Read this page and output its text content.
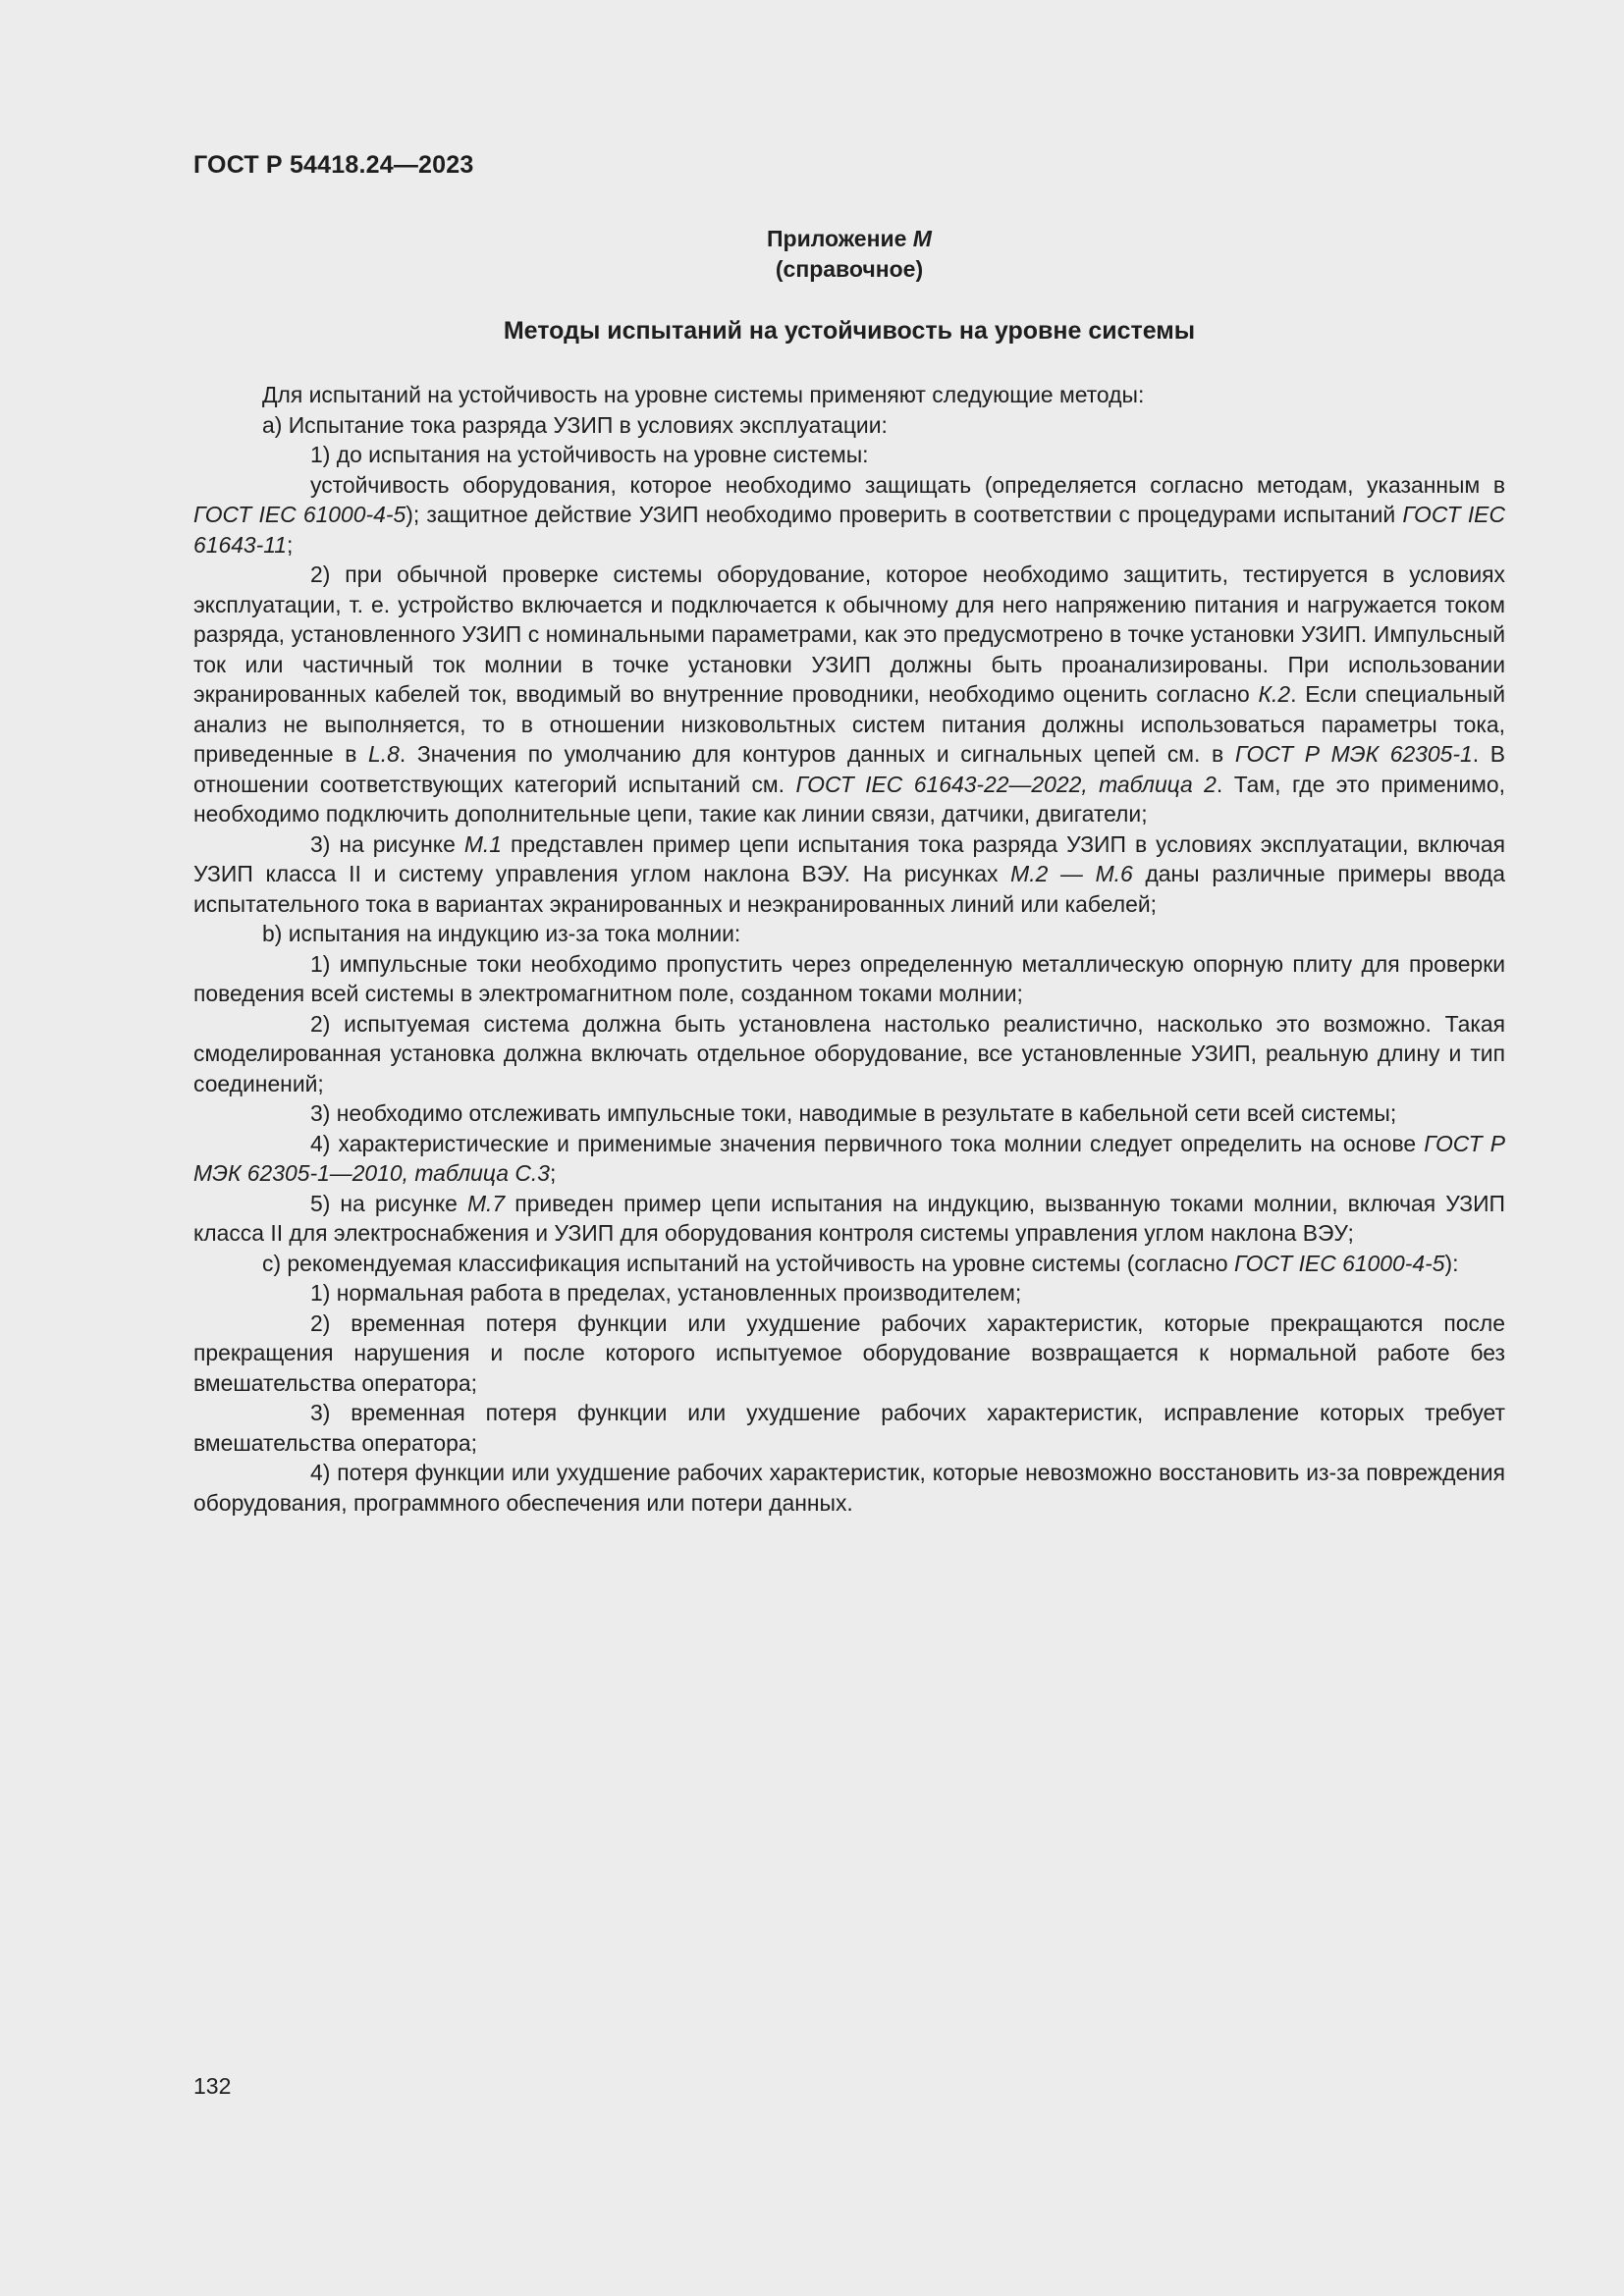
ГОСТ Р 54418.24—2023
Приложение М
(справочное)
Методы испытаний на устойчивость на уровне системы

Для испытаний на устойчивость на уровне системы применяют следующие методы:

a) Испытание тока разряда УЗИП в условиях эксплуатации:

1) до испытания на устойчивость на уровне системы:

устойчивость оборудования, которое необходимо защищать (определяется согласно методам, указанным в ГОСТ IEC 61000-4-5); защитное действие УЗИП необходимо проверить в соответствии с процедурами испытаний ГОСТ IEC 61643-11;

2) при обычной проверке системы оборудование, которое необходимо защитить, тестируется в условиях эксплуатации, т. е. устройство включается и подключается к обычному для него напряжению питания и нагружается током разряда, установленного УЗИП с номинальными параметрами, как это предусмотрено в точке установки УЗИП. Импульсный ток или частичный ток молнии в точке установки УЗИП должны быть проанализированы. При использовании экранированных кабелей ток, вводимый во внутренние проводники, необходимо оценить согласно К.2. Если специальный анализ не выполняется, то в отношении низковольтных систем питания должны использоваться параметры тока, приведенные в L.8. Значения по умолчанию для контуров данных и сигнальных цепей см. в ГОСТ Р МЭК 62305-1. В отношении соответствующих категорий испытаний см. ГОСТ IEC 61643-22—2022, таблица 2. Там, где это применимо, необходимо подключить дополнительные цепи, такие как линии связи, датчики, двигатели;

3) на рисунке М.1 представлен пример цепи испытания тока разряда УЗИП в условиях эксплуатации, включая УЗИП класса II и систему управления углом наклона ВЭУ. На рисунках М.2 — М.6 даны различные примеры ввода испытательного тока в вариантах экранированных и неэкранированных линий или кабелей;

b) испытания на индукцию из-за тока молнии:

1) импульсные токи необходимо пропустить через определенную металлическую опорную плиту для проверки поведения всей системы в электромагнитном поле, созданном токами молнии;

2) испытуемая система должна быть установлена настолько реалистично, насколько это возможно. Такая смоделированная установка должна включать отдельное оборудование, все установленные УЗИП, реальную длину и тип соединений;

3) необходимо отслеживать импульсные токи, наводимые в результате в кабельной сети всей системы;

4) характеристические и применимые значения первичного тока молнии следует определить на основе ГОСТ Р МЭК 62305-1—2010, таблица С.3;

5) на рисунке М.7 приведен пример цепи испытания на индукцию, вызванную токами молнии, включая УЗИП класса II для электроснабжения и УЗИП для оборудования контроля системы управления углом наклона ВЭУ;

c) рекомендуемая классификация испытаний на устойчивость на уровне системы (согласно ГОСТ IEC 61000-4-5):

1) нормальная работа в пределах, установленных производителем;

2) временная потеря функции или ухудшение рабочих характеристик, которые прекращаются после прекращения нарушения и после которого испытуемое оборудование возвращается к нормальной работе без вмешательства оператора;

3) временная потеря функции или ухудшение рабочих характеристик, исправление которых требует вмешательства оператора;

4) потеря функции или ухудшение рабочих характеристик, которые невозможно восстановить из-за повреждения оборудования, программного обеспечения или потери данных.

132
